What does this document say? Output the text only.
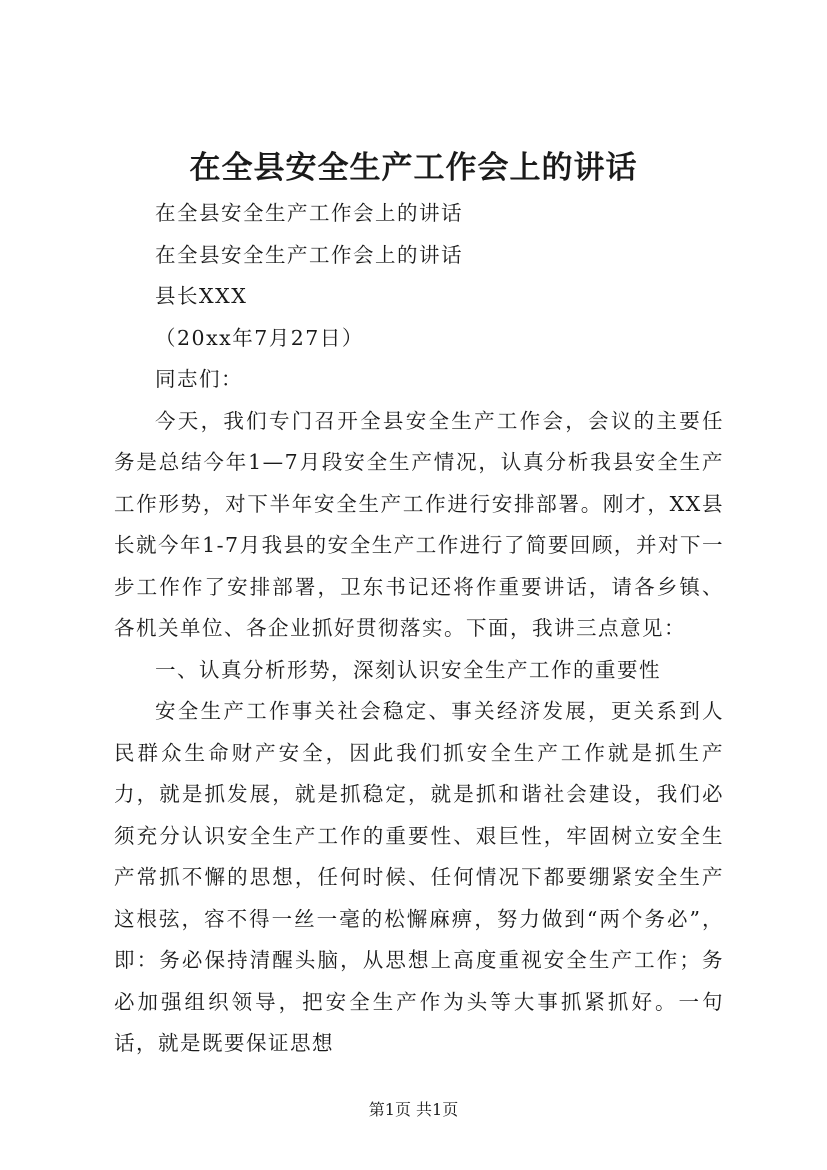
在全县安全生产工作会上的讲话

在全县安全生产工作会上的讲话

在全县安全生产工作会上的讲话

县长XXX

（20xx年7月27日）

同志们：

今天，我们专门召开全县安全生产工作会，会议的主要任务是总结今年1—7月段安全生产情况，认真分析我县安全生产工作形势，对下半年安全生产工作进行安排部署。刚才，XX县长就今年1-7月我县的安全生产工作进行了简要回顾，并对下一步工作作了安排部署，卫东书记还将作重要讲话，请各乡镇、各机关单位、各企业抓好贯彻落实。下面，我讲三点意见：

一、认真分析形势，深刻认识安全生产工作的重要性

安全生产工作事关社会稳定、事关经济发展，更关系到人民群众生命财产安全，因此我们抓安全生产工作就是抓生产力，就是抓发展，就是抓稳定，就是抓和谐社会建设，我们必须充分认识安全生产工作的重要性、艰巨性，牢固树立安全生产常抓不懈的思想，任何时候、任何情况下都要绷紧安全生产这根弦，容不得一丝一毫的松懈麻痹，努力做到“两个务必”，即：务必保持清醒头脑，从思想上高度重视安全生产工作；务必加强组织领导，把安全生产作为头等大事抓紧抓好。一句话，就是既要保证思想

第1页 共1页
